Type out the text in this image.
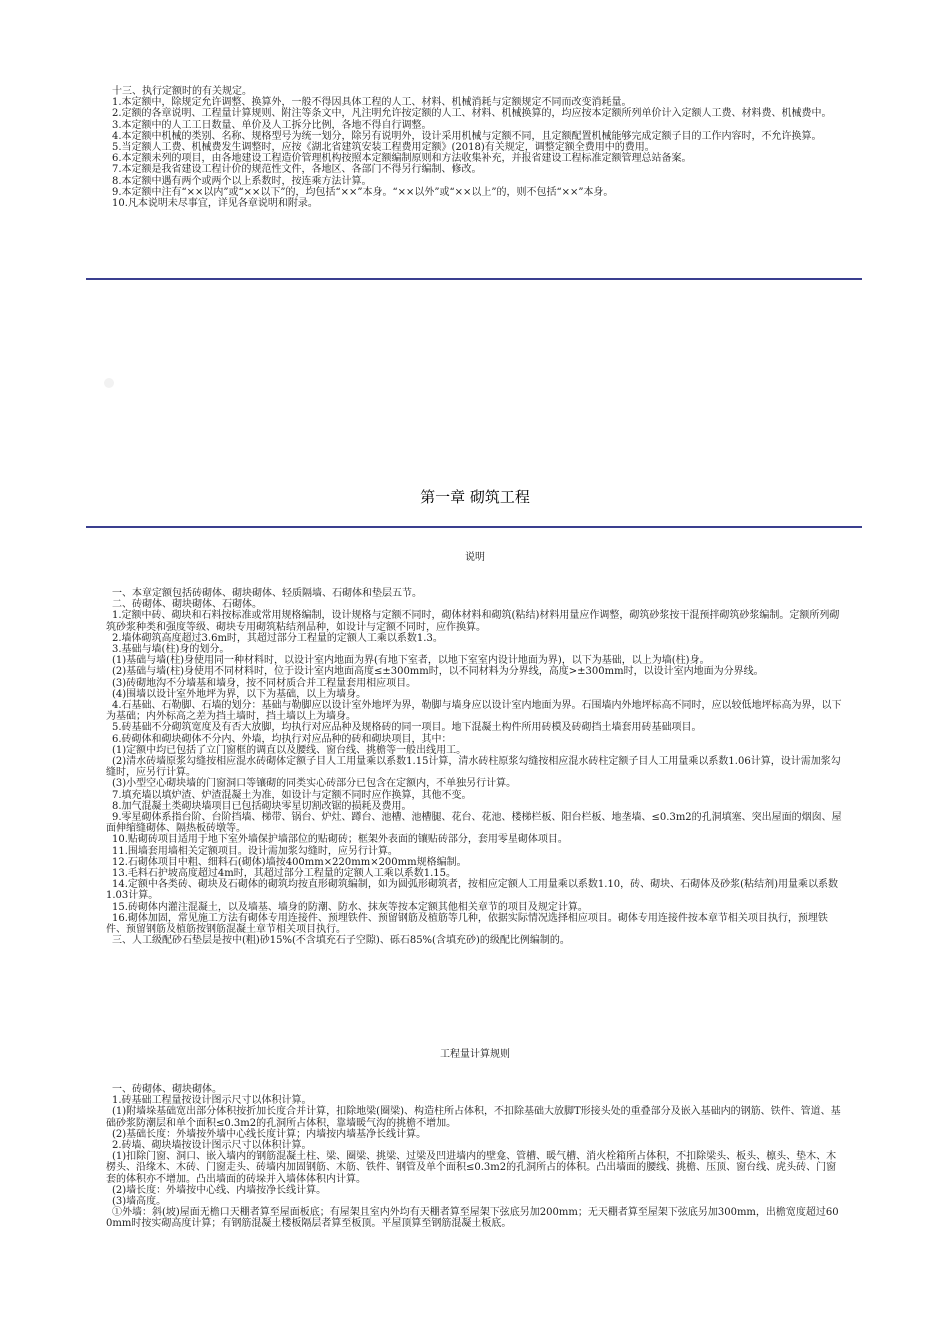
十三、执行定额时的有关规定。

1.本定额中，除规定允许调整、换算外，一般不得因具体工程的人工、材料、机械消耗与定额规定不同而改变消耗量。

2.定额的各章说明、工程量计算规则、附注等条文中，凡注明允许按定额的人工、材料、机械换算的，均应按本定额所列单价计入定额人工费、材料费、机械费中。

3.本定额中的人工工日数量、单价及人工拆分比例，各地不得自行调整。

4.本定额中机械的类别、名称、规格型号为统一划分，除另有说明外，设计采用机械与定额不同，且定额配置机械能够完成定额子目的工作内容时，不允许换算。

5.当定额人工费、机械费发生调整时，应按《湖北省建筑安装工程费用定额》(2018)有关规定，调整定额全费用中的费用。

6.本定额未列的项目，由各地建设工程造价管理机构按照本定额编制原则和方法收集补充，并报省建设工程标准定额管理总站备案。

7.本定额是我省建设工程计价的规范性文件，各地区、各部门不得另行编制、修改。

8.本定额中遇有两个或两个以上系数时，按连乘方法计算。

9.本定额中注有“××以内”或“××以下”的，均包括“××”本身。“××以外”或“××以上”的，则不包括“××”本身。

10.凡本说明未尽事宜，详见各章说明和附录。

第一章 砌筑工程
说明

一、本章定额包括砖砌体、砌块砌体、轻质隔墙、石砌体和垫层五节。

二、砖砌体、砌块砌体、石砌体。

1.定额中砖、砌块和石料按标准或常用规格编制，设计规格与定额不同时，砌体材料和砌筑(粘结)材料用量应作调整，砌筑砂浆按干混预拌砌筑砂浆编制。定额所列砌筑砂浆种类和强度等级、砌块专用砌筑粘结剂品种，如设计与定额不同时，应作换算。

2.墙体砌筑高度超过3.6m时，其超过部分工程量的定额人工乘以系数1.3。

3.基础与墙(柱)身的划分。

(1)基础与墙(柱)身使用同一种材料时，以设计室内地面为界(有地下室者，以地下室室内设计地面为界)，以下为基础，以上为墙(柱)身。

(2)基础与墙(柱)身使用不同材料时，位于设计室内地面高度≤±300mm时，以不同材料为分界线，高度>±300mm时，以设计室内地面为分界线。

(3)砖砌地沟不分墙基和墙身，按不同材质合并工程量套用相应项目。

(4)围墙以设计室外地坪为界，以下为基础，以上为墙身。

4.石基础、石勒脚、石墙的划分：基础与勒脚应以设计室外地坪为界，勒脚与墙身应以设计室内地面为界。石围墙内外地坪标高不同时，应以较低地坪标高为界，以下为基础；内外标高之差为挡土墙时，挡土墙以上为墙身。

5.砖基础不分砌筑宽度及有否大放脚，均执行对应品种及规格砖的同一项目。地下混凝土构件所用砖模及砖砌挡土墙套用砖基础项目。

6.砖砌体和砌块砌体不分内、外墙，均执行对应品种的砖和砌块项目，其中：

(1)定额中均已包括了立门窗框的调直以及腰线、窗台线、挑檐等一般出线用工。

(2)清水砖墙原浆勾缝按相应混水砖砌体定额子目人工用量乘以系数1.15计算，清水砖柱原浆勾缝按相应混水砖柱定额子目人工用量乘以系数1.06计算，设计需加浆勾缝时，应另行计算。

(3)小型空心砌块墙的门窗洞口等镶砌的同类实心砖部分已包含在定额内，不单独另行计算。

7.填充墙以填炉渣、炉渣混凝土为准，如设计与定额不同时应作换算，其他不变。

8.加气混凝土类砌块墙项目已包括砌块零星切割改锯的损耗及费用。

9.零星砌体系指台阶、台阶挡墙、梯带、锅台、炉灶、蹲台、池槽、池槽腿、花台、花池、楼梯栏板、阳台栏板、地垄墙、≤0.3m2的孔洞填塞、突出屋面的烟囱、屋面伸缩缝砌体、隔热板砖墩等。

10.贴砌砖项目适用于地下室外墙保护墙部位的贴砌砖；框架外表面的镶贴砖部分，套用零星砌体项目。

11.围墙套用墙相关定额项目。设计需加浆勾缝时，应另行计算。

12.石砌体项目中粗、细料石(砌体)墙按400mm×220mm×200mm规格编制。

13.毛料石护坡高度超过4m时，其超过部分工程量的定额人工乘以系数1.15。

14.定额中各类砖、砌块及石砌体的砌筑均按直形砌筑编制，如为圆弧形砌筑者，按相应定额人工用量乘以系数1.10，砖、砌块、石砌体及砂浆(粘结剂)用量乘以系数1.03计算。

15.砖砌体内灌注混凝土，以及墙基、墙身的防潮、防水、抹灰等按本定额其他相关章节的项目及规定计算。

16.砌体加固，常见施工方法有砌体专用连接件、预埋铁件、预留钢筋及植筋等几种，依据实际情况选择相应项目。砌体专用连接件按本章节相关项目执行，预埋铁件、预留钢筋及植筋按钢筋混凝土章节相关项目执行。

三、人工级配砂石垫层是按中(粗)砂15%(不含填充石子空隙)、砾石85%(含填充砂)的级配比例编制的。

工程量计算规则

一、砖砌体、砌块砌体。

1.砖基础工程量按设计图示尺寸以体积计算。

(1)附墙垛基础宽出部分体积按折加长度合并计算，扣除地梁(圈梁)、构造柱所占体积，不扣除基础大放脚T形接头处的重叠部分及嵌入基础内的钢筋、铁件、管道、基础砂浆防潮层和单个面积≤0.3m2的孔洞所占体积，靠墙暖气沟的挑檐不增加。

(2)基础长度：外墙按外墙中心线长度计算；内墙按内墙基净长线计算。

2.砖墙、砌块墙按设计图示尺寸以体积计算。

(1)扣除门窗、洞口、嵌入墙内的钢筋混凝土柱、梁、圈梁、挑梁、过梁及凹进墙内的壁龛、管槽、暖气槽、消火栓箱所占体积，不扣除梁头、板头、檩头、垫木、木楞头、沿缘木、木砖、门窗走头、砖墙内加固钢筋、木筋、铁件、钢管及单个面积≤0.3m2的孔洞所占的体积。凸出墙面的腰线、挑檐、压顶、窗台线、虎头砖、门窗套的体积亦不增加。凸出墙面的砖垛并入墙体体积内计算。

(2)墙长度：外墙按中心线、内墙按净长线计算。

(3)墙高度。

①外墙：斜(坡)屋面无檐口天棚者算至屋面板底；有屋架且室内外均有天棚者算至屋架下弦底另加200mm；无天棚者算至屋架下弦底另加300mm，出檐宽度超过600mm时按实砌高度计算；有钢筋混凝土楼板隔层者算至板顶。平屋顶算至钢筋混凝土板底。
